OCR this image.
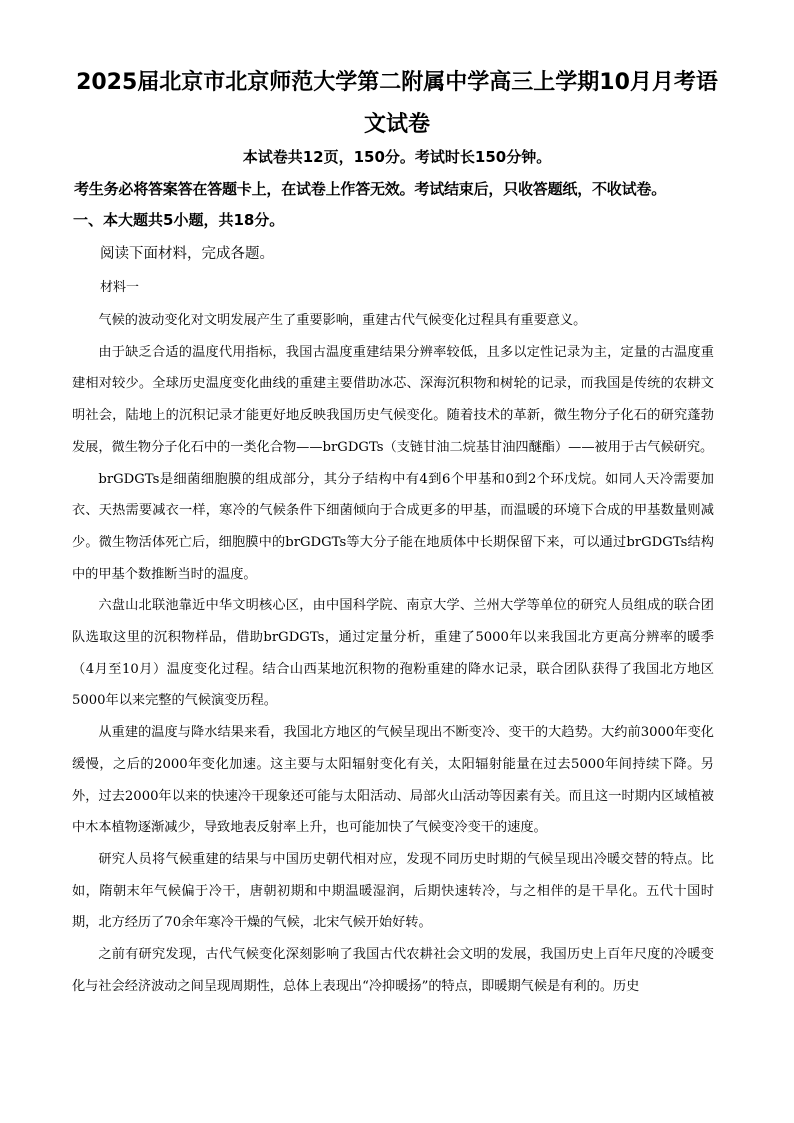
2025届北京市北京师范大学第二附属中学高三上学期10月月考语文试卷

本试卷共12页，150分。考试时长150分钟。

考生务必将答案答在答题卡上，在试卷上作答无效。考试结束后，只收答题纸，不收试卷。

一、本大题共5小题，共18分。

阅读下面材料，完成各题。

材料一

气候的波动变化对文明发展产生了重要影响，重建古代气候变化过程具有重要意义。

由于缺乏合适的温度代用指标，我国古温度重建结果分辨率较低，且多以定性记录为主，定量的古温度重建相对较少。全球历史温度变化曲线的重建主要借助冰芯、深海沉积物和树轮的记录，而我国是传统的农耕文明社会，陆地上的沉积记录才能更好地反映我国历史气候变化。随着技术的革新，微生物分子化石的研究蓬勃发展，微生物分子化石中的一类化合物——brGDGTs（支链甘油二烷基甘油四醚酯）——被用于古气候研究。

brGDGTs是细菌细胞膜的组成部分，其分子结构中有4到6个甲基和0到2个环戊烷。如同人天冷需要加衣、天热需要减衣一样，寒冷的气候条件下细菌倾向于合成更多的甲基，而温暖的环境下合成的甲基数量则减少。微生物活体死亡后，细胞膜中的brGDGTs等大分子能在地质体中长期保留下来，可以通过brGDGTs结构中的甲基个数推断当时的温度。

六盘山北联池靠近中华文明核心区，由中国科学院、南京大学、兰州大学等单位的研究人员组成的联合团队选取这里的沉积物样品，借助brGDGTs，通过定量分析，重建了5000年以来我国北方更高分辨率的暖季（4月至10月）温度变化过程。结合山西某地沉积物的孢粉重建的降水记录，联合团队获得了我国北方地区5000年以来完整的气候演变历程。

从重建的温度与降水结果来看，我国北方地区的气候呈现出不断变冷、变干的大趋势。大约前3000年变化缓慢，之后的2000年变化加速。这主要与太阳辐射变化有关，太阳辐射能量在过去5000年间持续下降。另外，过去2000年以来的快速冷干现象还可能与太阳活动、局部火山活动等因素有关。而且这一时期内区域植被中木本植物逐渐减少，导致地表反射率上升，也可能加快了气候变冷变干的速度。

研究人员将气候重建的结果与中国历史朝代相对应，发现不同历史时期的气候呈现出冷暖交替的特点。比如，隋朝末年气候偏于冷干，唐朝初期和中期温暖湿润，后期快速转冷，与之相伴的是干旱化。五代十国时期，北方经历了70余年寒冷干燥的气候，北宋气候开始好转。

之前有研究发现，古代气候变化深刻影响了我国古代农耕社会文明的发展，我国历史上百年尺度的冷暖变化与社会经济波动之间呈现周期性，总体上表现出“冷抑暖扬”的特点，即暖期气候是有利的。历史
